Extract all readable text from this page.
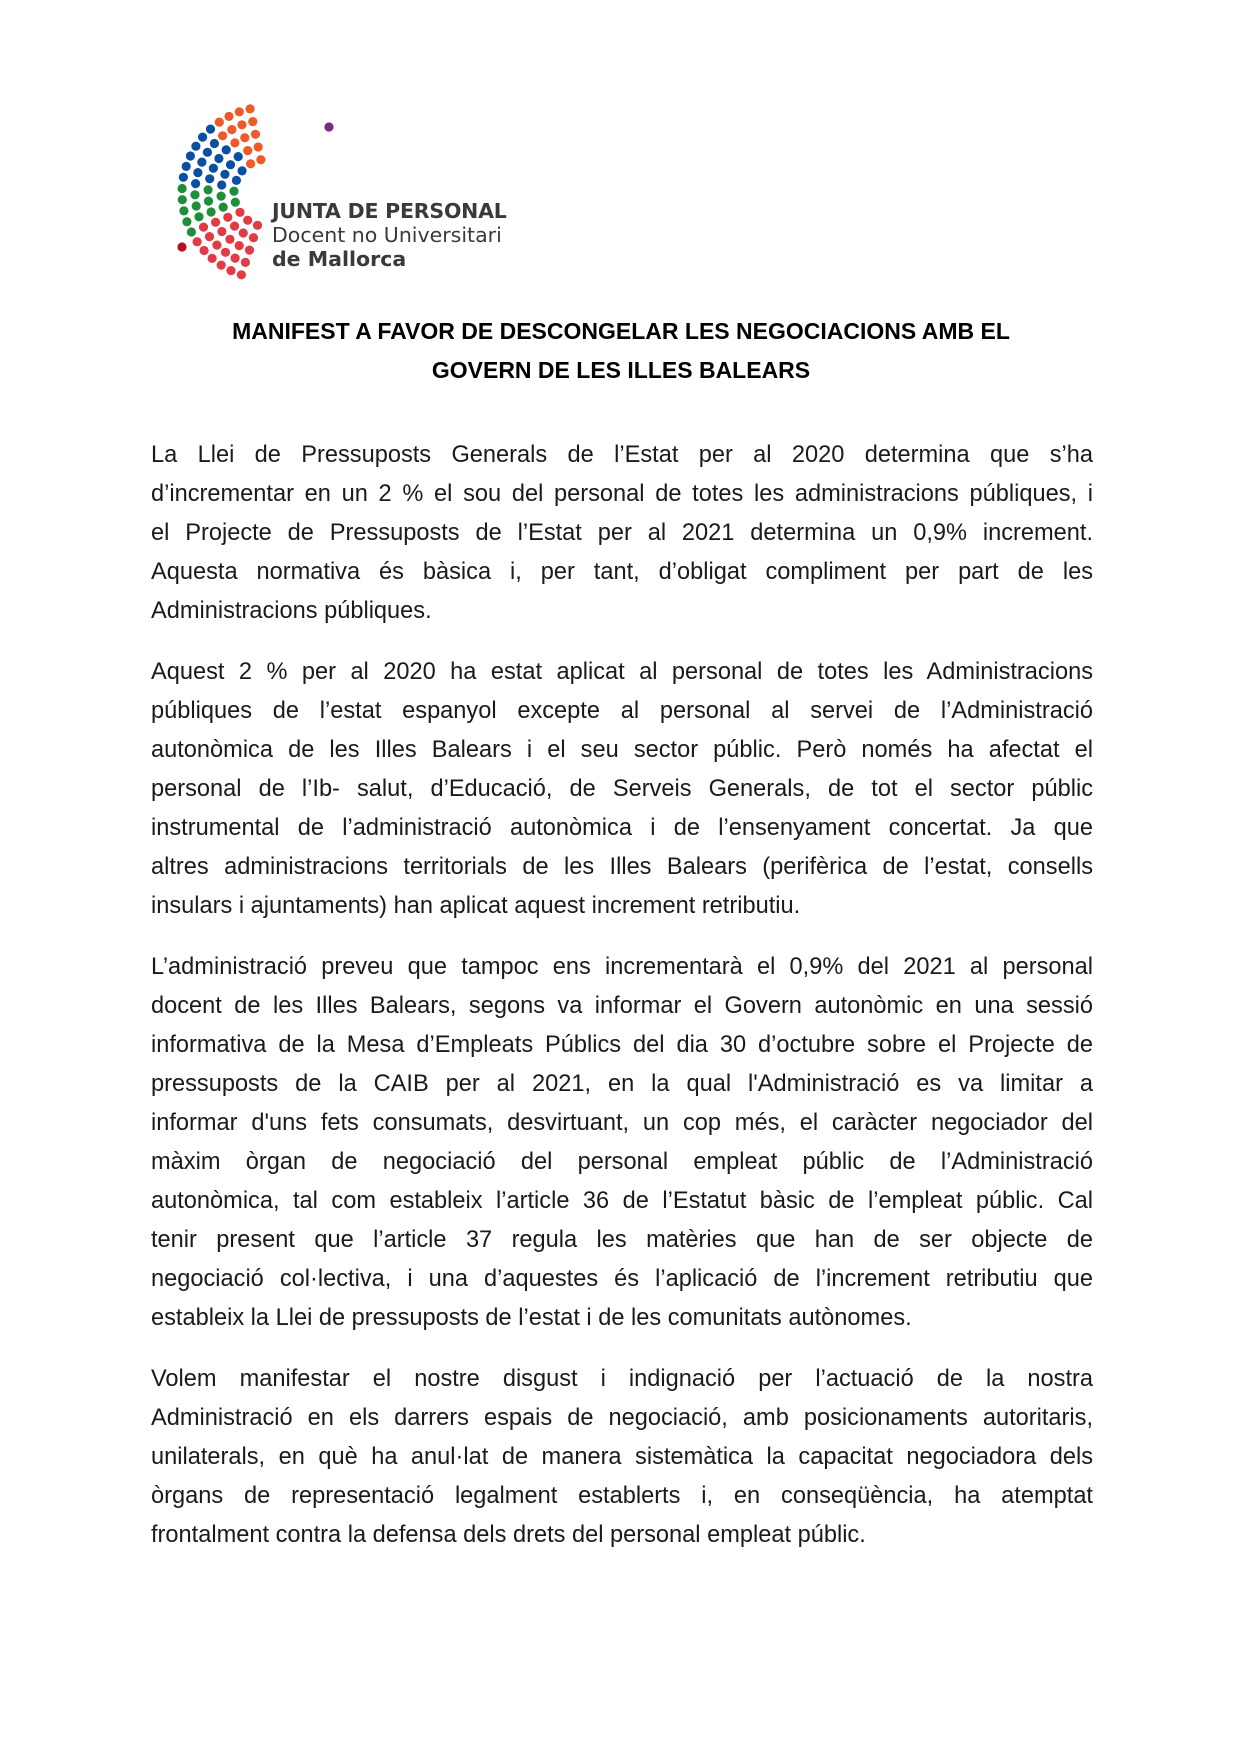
JUNTA DE PERSONAL
Docent no Universitari
de Mallorca
MANIFEST A FAVOR DE DESCONGELAR LES NEGOCIACIONS AMB EL
GOVERN DE LES ILLES BALEARS
La Llei de Pressuposts Generals de l’Estat per al 2020 determina que s’ha
d’incrementar en un 2 % el sou del personal de totes les administracions públiques, i
el Projecte de Pressuposts de l’Estat per al 2021 determina un 0,9% increment.
Aquesta normativa és bàsica i, per tant, d’obligat compliment per part de les
Administracions públiques.
Aquest 2 % per al 2020 ha estat aplicat al personal de totes les Administracions
públiques de l’estat espanyol excepte al personal al servei de l’Administració
autonòmica de les Illes Balears i el seu sector públic. Però només ha afectat el
personal de l’Ib- salut, d’Educació, de Serveis Generals, de tot el sector públic
instrumental de l’administració autonòmica i de l’ensenyament concertat. Ja que
altres administracions territorials de les Illes Balears (perifèrica de l’estat, consells
insulars i ajuntaments) han aplicat aquest increment retributiu.
L’administració preveu que tampoc ens incrementarà el 0,9% del 2021 al personal
docent de les Illes Balears, segons va informar el Govern autonòmic en una sessió
informativa de la Mesa d’Empleats Públics del dia 30 d’octubre sobre el Projecte de
pressuposts de la CAIB per al 2021, en la qual l'Administració es va limitar a
informar d'uns fets consumats, desvirtuant, un cop més, el caràcter negociador del
màxim òrgan de negociació del personal empleat públic de l’Administració
autonòmica, tal com estableix l’article 36 de l’Estatut bàsic de l’empleat públic. Cal
tenir present que l’article 37 regula les matèries que han de ser objecte de
negociació col·lectiva, i una d’aquestes és l’aplicació de l’increment retributiu que
estableix la Llei de pressuposts de l’estat i de les comunitats autònomes.
Volem manifestar el nostre disgust i indignació per l’actuació de la nostra
Administració en els darrers espais de negociació, amb posicionaments autoritaris,
unilaterals, en què ha anul·lat de manera sistemàtica la capacitat negociadora dels
òrgans de representació legalment establerts i, en conseqüència, ha atemptat
frontalment contra la defensa dels drets del personal empleat públic.
